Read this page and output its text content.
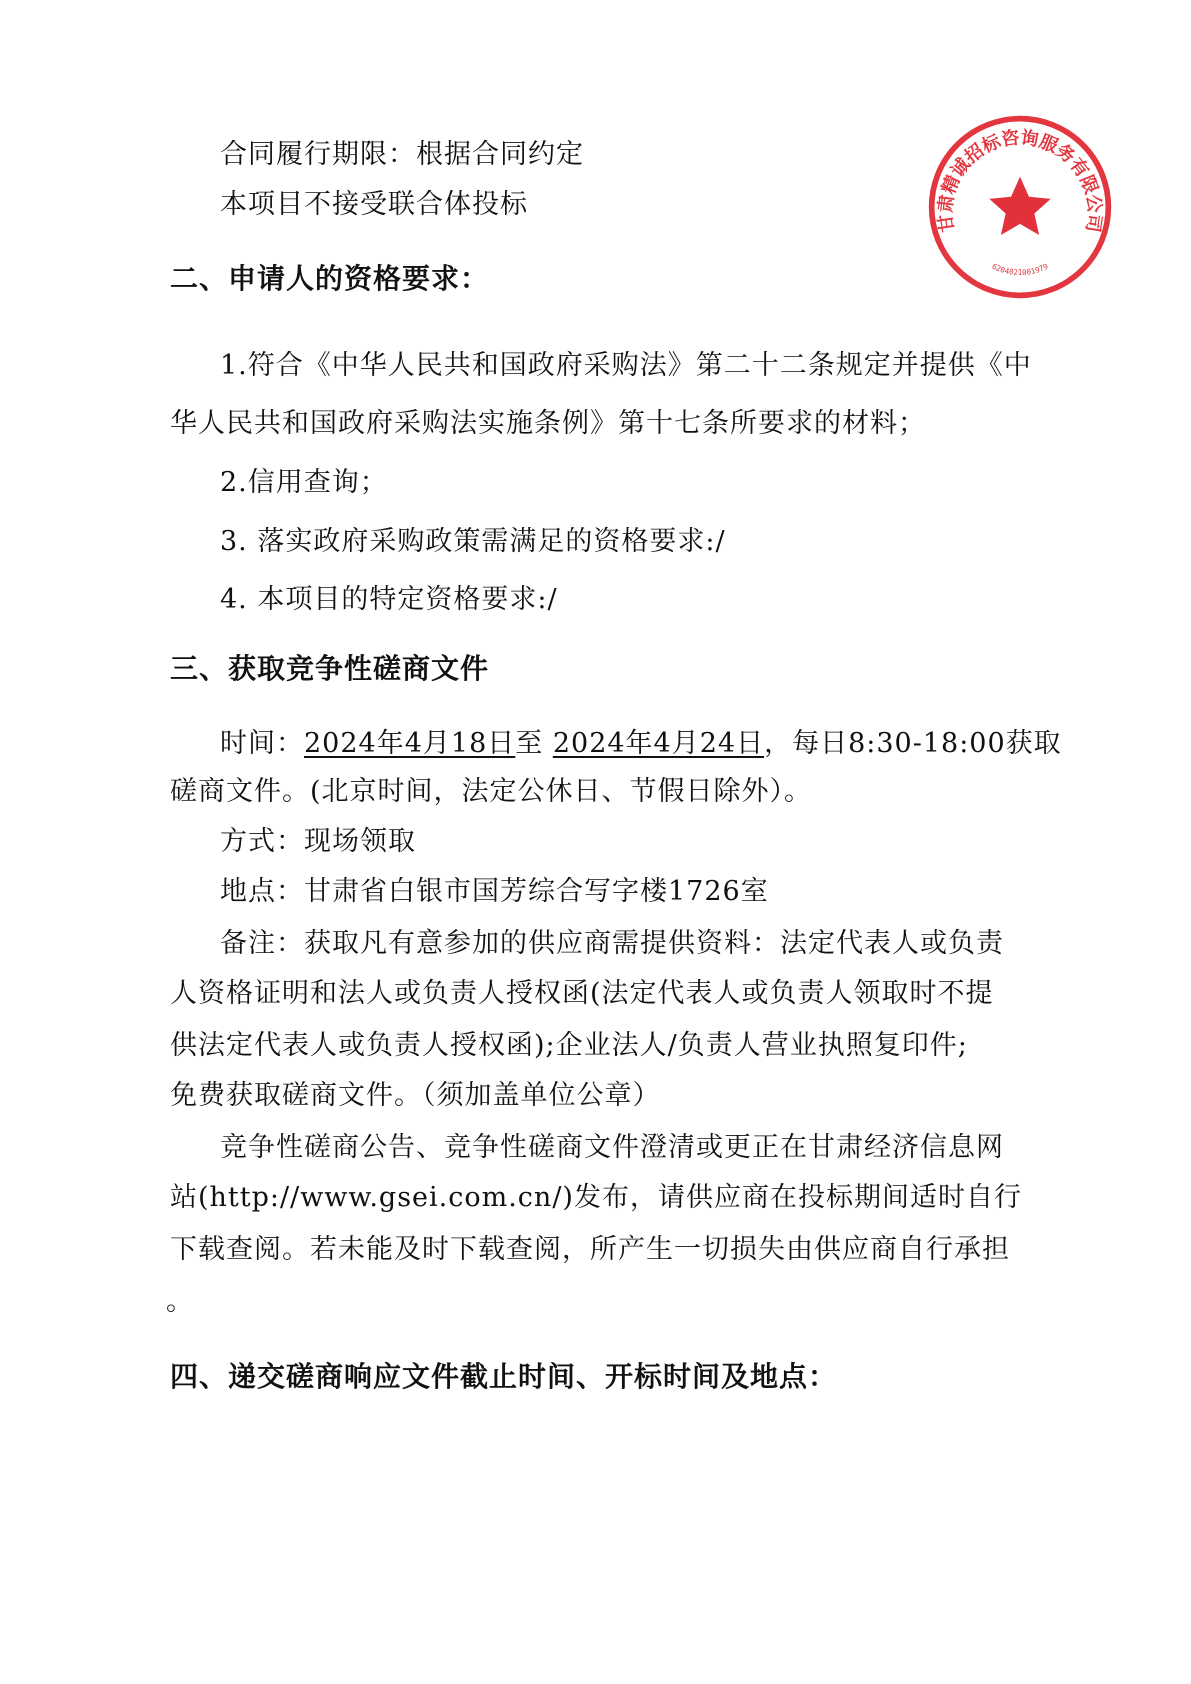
合同履行期限：根据合同约定
本项目不接受联合体投标
二、申请人的资格要求：
1.符合《中华人民共和国政府采购法》第二十二条规定并提供《中
华人民共和国政府采购法实施条例》第十七条所要求的材料；
2.信用查询；
3. 落实政府采购政策需满足的资格要求:/
4. 本项目的特定资格要求:/
三、获取竞争性磋商文件
时间：2024年4月18日至 2024年4月24日，每日8:30-18:00获取
磋商文件。(北京时间，法定公休日、节假日除外）。
方式：现场领取
地点：甘肃省白银市国芳综合写字楼1726室
备注：获取凡有意参加的供应商需提供资料：法定代表人或负责
人资格证明和法人或负责人授权函(法定代表人或负责人领取时不提
供法定代表人或负责人授权函);企业法人/负责人营业执照复印件;
免费获取磋商文件。（须加盖单位公章）
竞争性磋商公告、竞争性磋商文件澄清或更正在甘肃经济信息网
站(http://www.gsei.com.cn/)发布，请供应商在投标期间适时自行
下载查阅。若未能及时下载查阅，所产生一切损失由供应商自行承担
。
四、递交磋商响应文件截止时间、开标时间及地点：
甘肃精诚招标咨询服务有限公司
6204021001979
